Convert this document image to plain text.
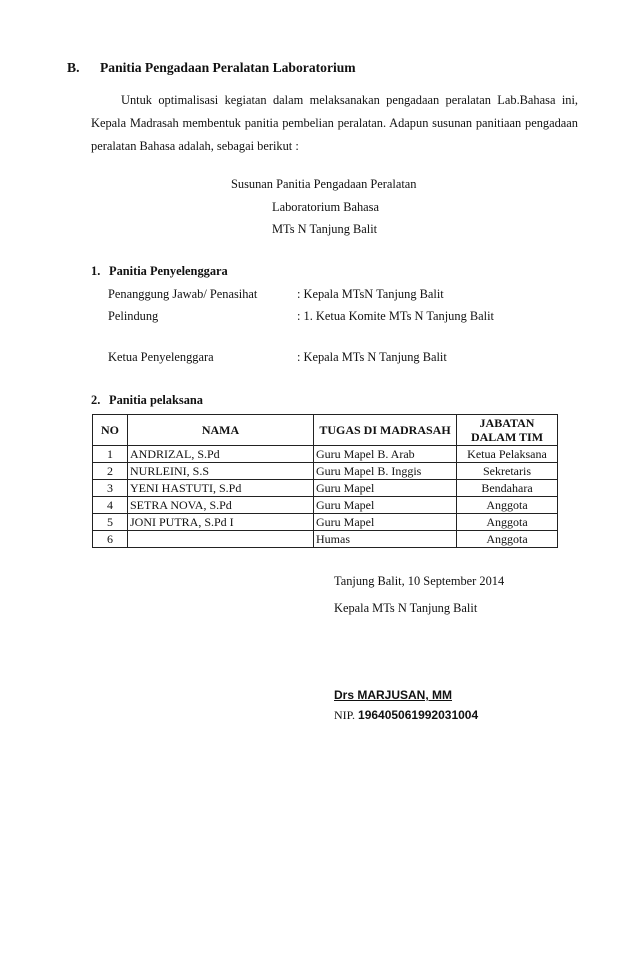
B. Panitia Pengadaan Peralatan Laboratorium
Untuk optimalisasi kegiatan dalam melaksanakan pengadaan peralatan Lab.Bahasa ini,
Kepala Madrasah membentuk panitia pembelian peralatan. Adapun susunan panitiaan pengadaan
peralatan Bahasa adalah, sebagai berikut :
Susunan Panitia Pengadaan Peralatan
Laboratorium Bahasa
MTs N Tanjung Balit
1. Panitia Penyelenggara
Penanggung Jawab/ Penasihat	: Kepala MTsN Tanjung Balit
Pelindung	: 1. Ketua Komite MTs N Tanjung Balit
Ketua Penyelenggara	: Kepala MTs N Tanjung Balit
2. Panitia pelaksana
NO	NAMA	TUGAS DI MADRASAH	JABATAN
DALAM TIM
1	ANDRIZAL, S.Pd	Guru Mapel B. Arab	Ketua Pelaksana
2	NURLEINI, S.S	Guru Mapel B. Inggis	Sekretaris
3	YENI HASTUTI, S.Pd	Guru Mapel	Bendahara
4	SETRA NOVA, S.Pd	Guru Mapel	Anggota
5	JONI PUTRA, S.Pd I	Guru Mapel	Anggota
6		Humas	Anggota
Tanjung Balit, 10 September 2014
Kepala MTs N Tanjung Balit
Drs MARJUSAN, MM
NIP. 196405061992031004
